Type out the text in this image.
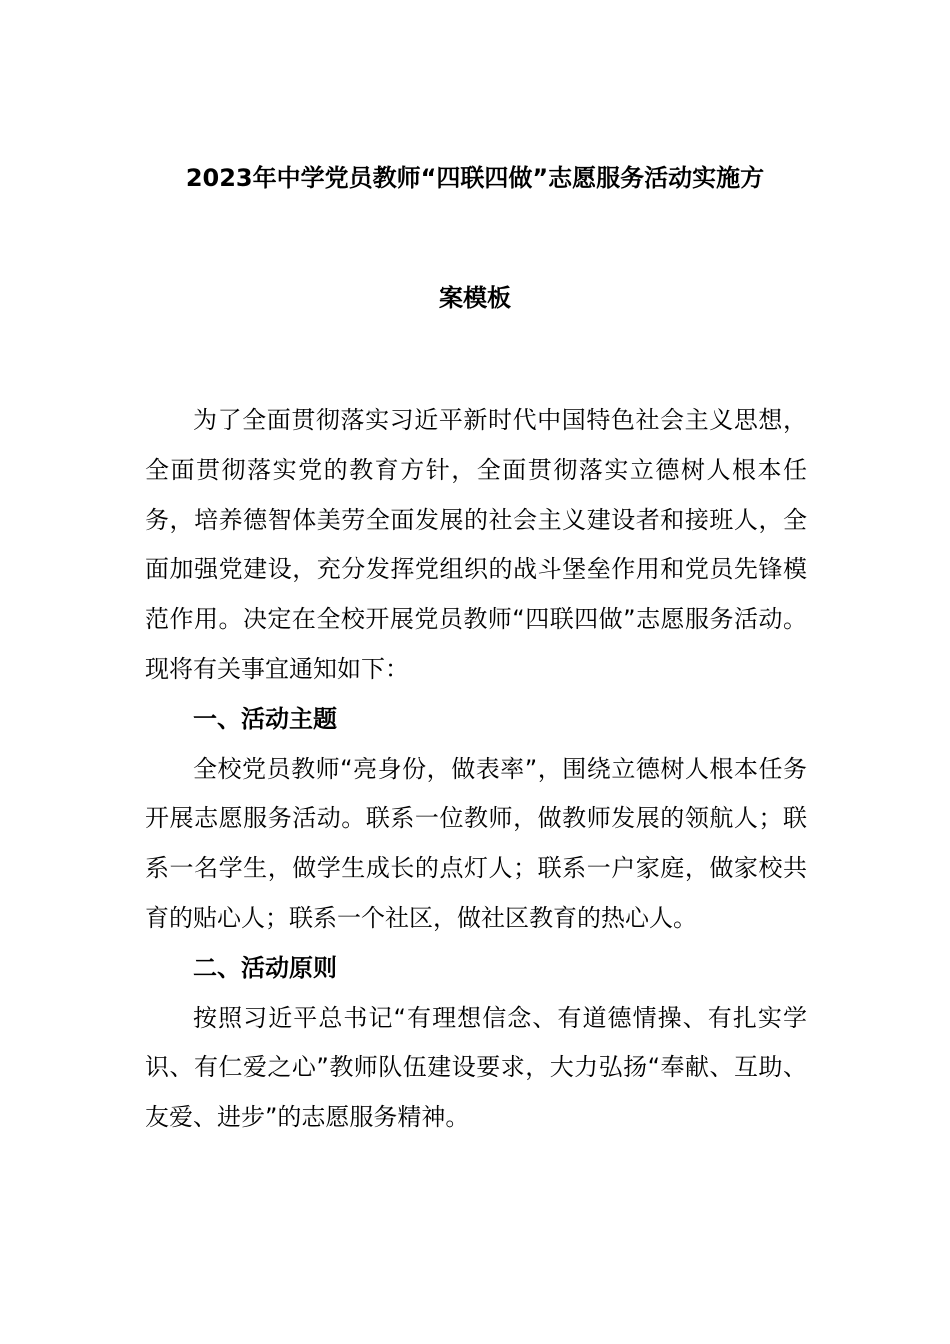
2023年中学党员教师“四联四做”志愿服务活动实施方
案模板

为了全面贯彻落实习近平新时代中国特色社会主义思想，全面贯彻落实党的教育方针，全面贯彻落实立德树人根本任务，培养德智体美劳全面发展的社会主义建设者和接班人，全面加强党建设，充分发挥党组织的战斗堡垒作用和党员先锋模范作用。决定在全校开展党员教师“四联四做”志愿服务活动。现将有关事宜通知如下：

一、活动主题

全校党员教师“亮身份，做表率”，围绕立德树人根本任务开展志愿服务活动。联系一位教师，做教师发展的领航人；联系一名学生，做学生成长的点灯人；联系一户家庭，做家校共育的贴心人；联系一个社区，做社区教育的热心人。

二、活动原则

按照习近平总书记“有理想信念、有道德情操、有扎实学识、有仁爱之心”教师队伍建设要求，大力弘扬“奉献、互助、友爱、进步”的志愿服务精神。
